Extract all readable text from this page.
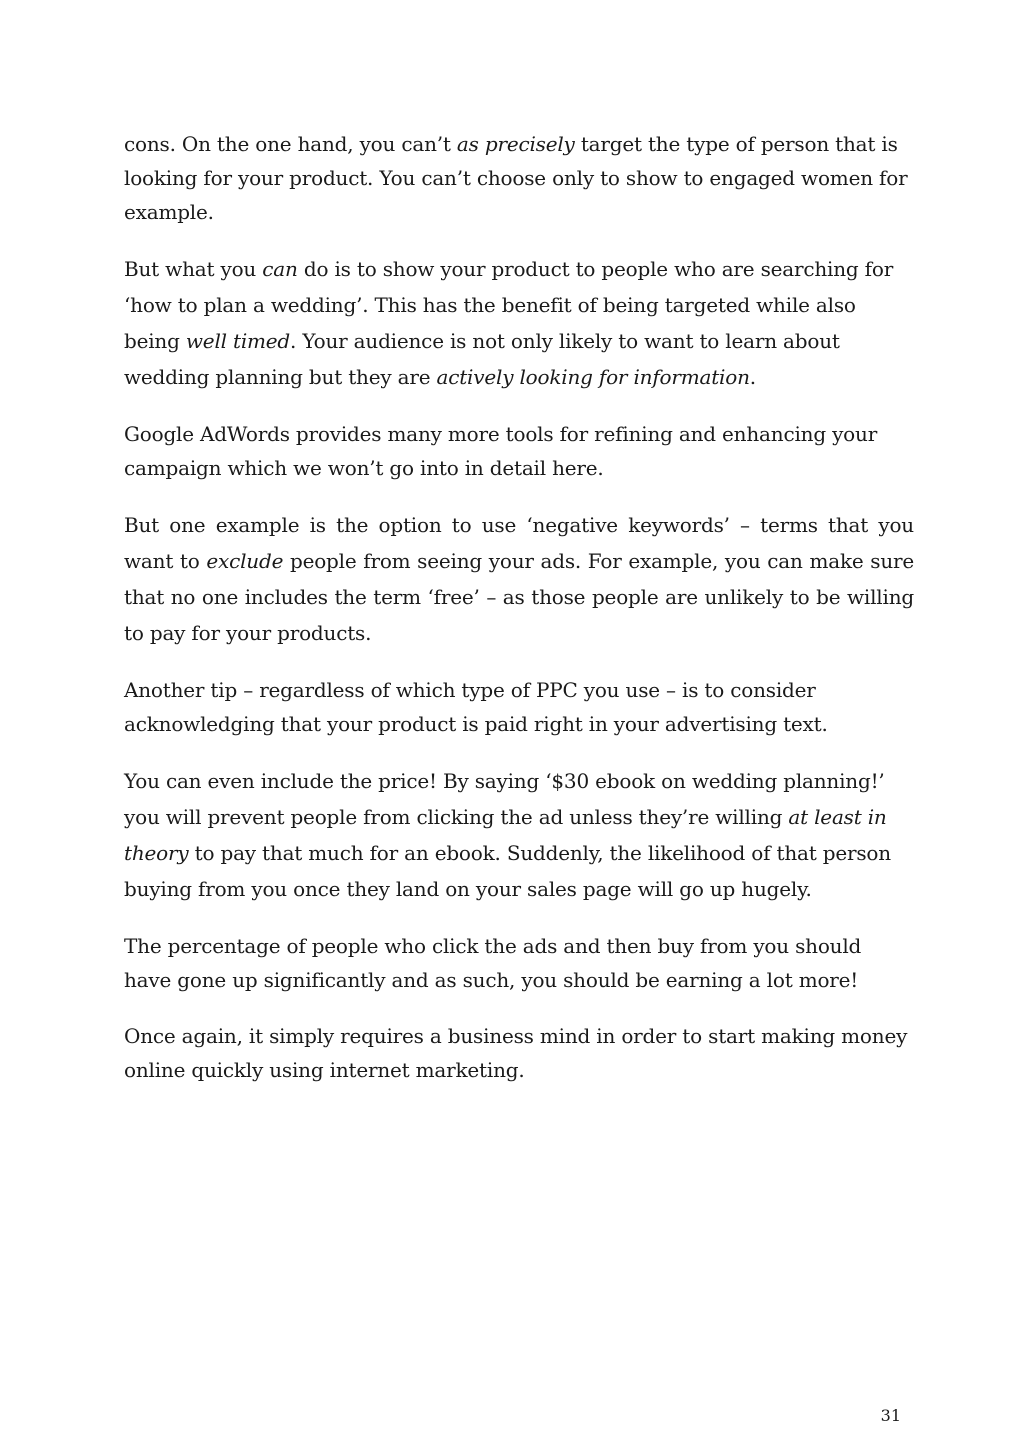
cons. On the one hand, you can’t as precisely target the type of person that is looking for your product. You can’t choose only to show to engaged women for example.

But what you can do is to show your product to people who are searching for ‘how to plan a wedding’. This has the benefit of being targeted while also being well timed. Your audience is not only likely to want to learn about wedding planning but they are actively looking for information.

Google AdWords provides many more tools for refining and enhancing your campaign which we won’t go into in detail here.

But one example is the option to use ‘negative keywords’ – terms that you want to exclude people from seeing your ads. For example, you can make sure that no one includes the term ‘free’ – as those people are unlikely to be willing to pay for your products.

Another tip – regardless of which type of PPC you use – is to consider acknowledging that your product is paid right in your advertising text.

You can even include the price! By saying ‘$30 ebook on wedding planning!’ you will prevent people from clicking the ad unless they’re willing at least in theory to pay that much for an ebook. Suddenly, the likelihood of that person buying from you once they land on your sales page will go up hugely.

The percentage of people who click the ads and then buy from you should have gone up significantly and as such, you should be earning a lot more!

Once again, it simply requires a business mind in order to start making money online quickly using internet marketing.

31
